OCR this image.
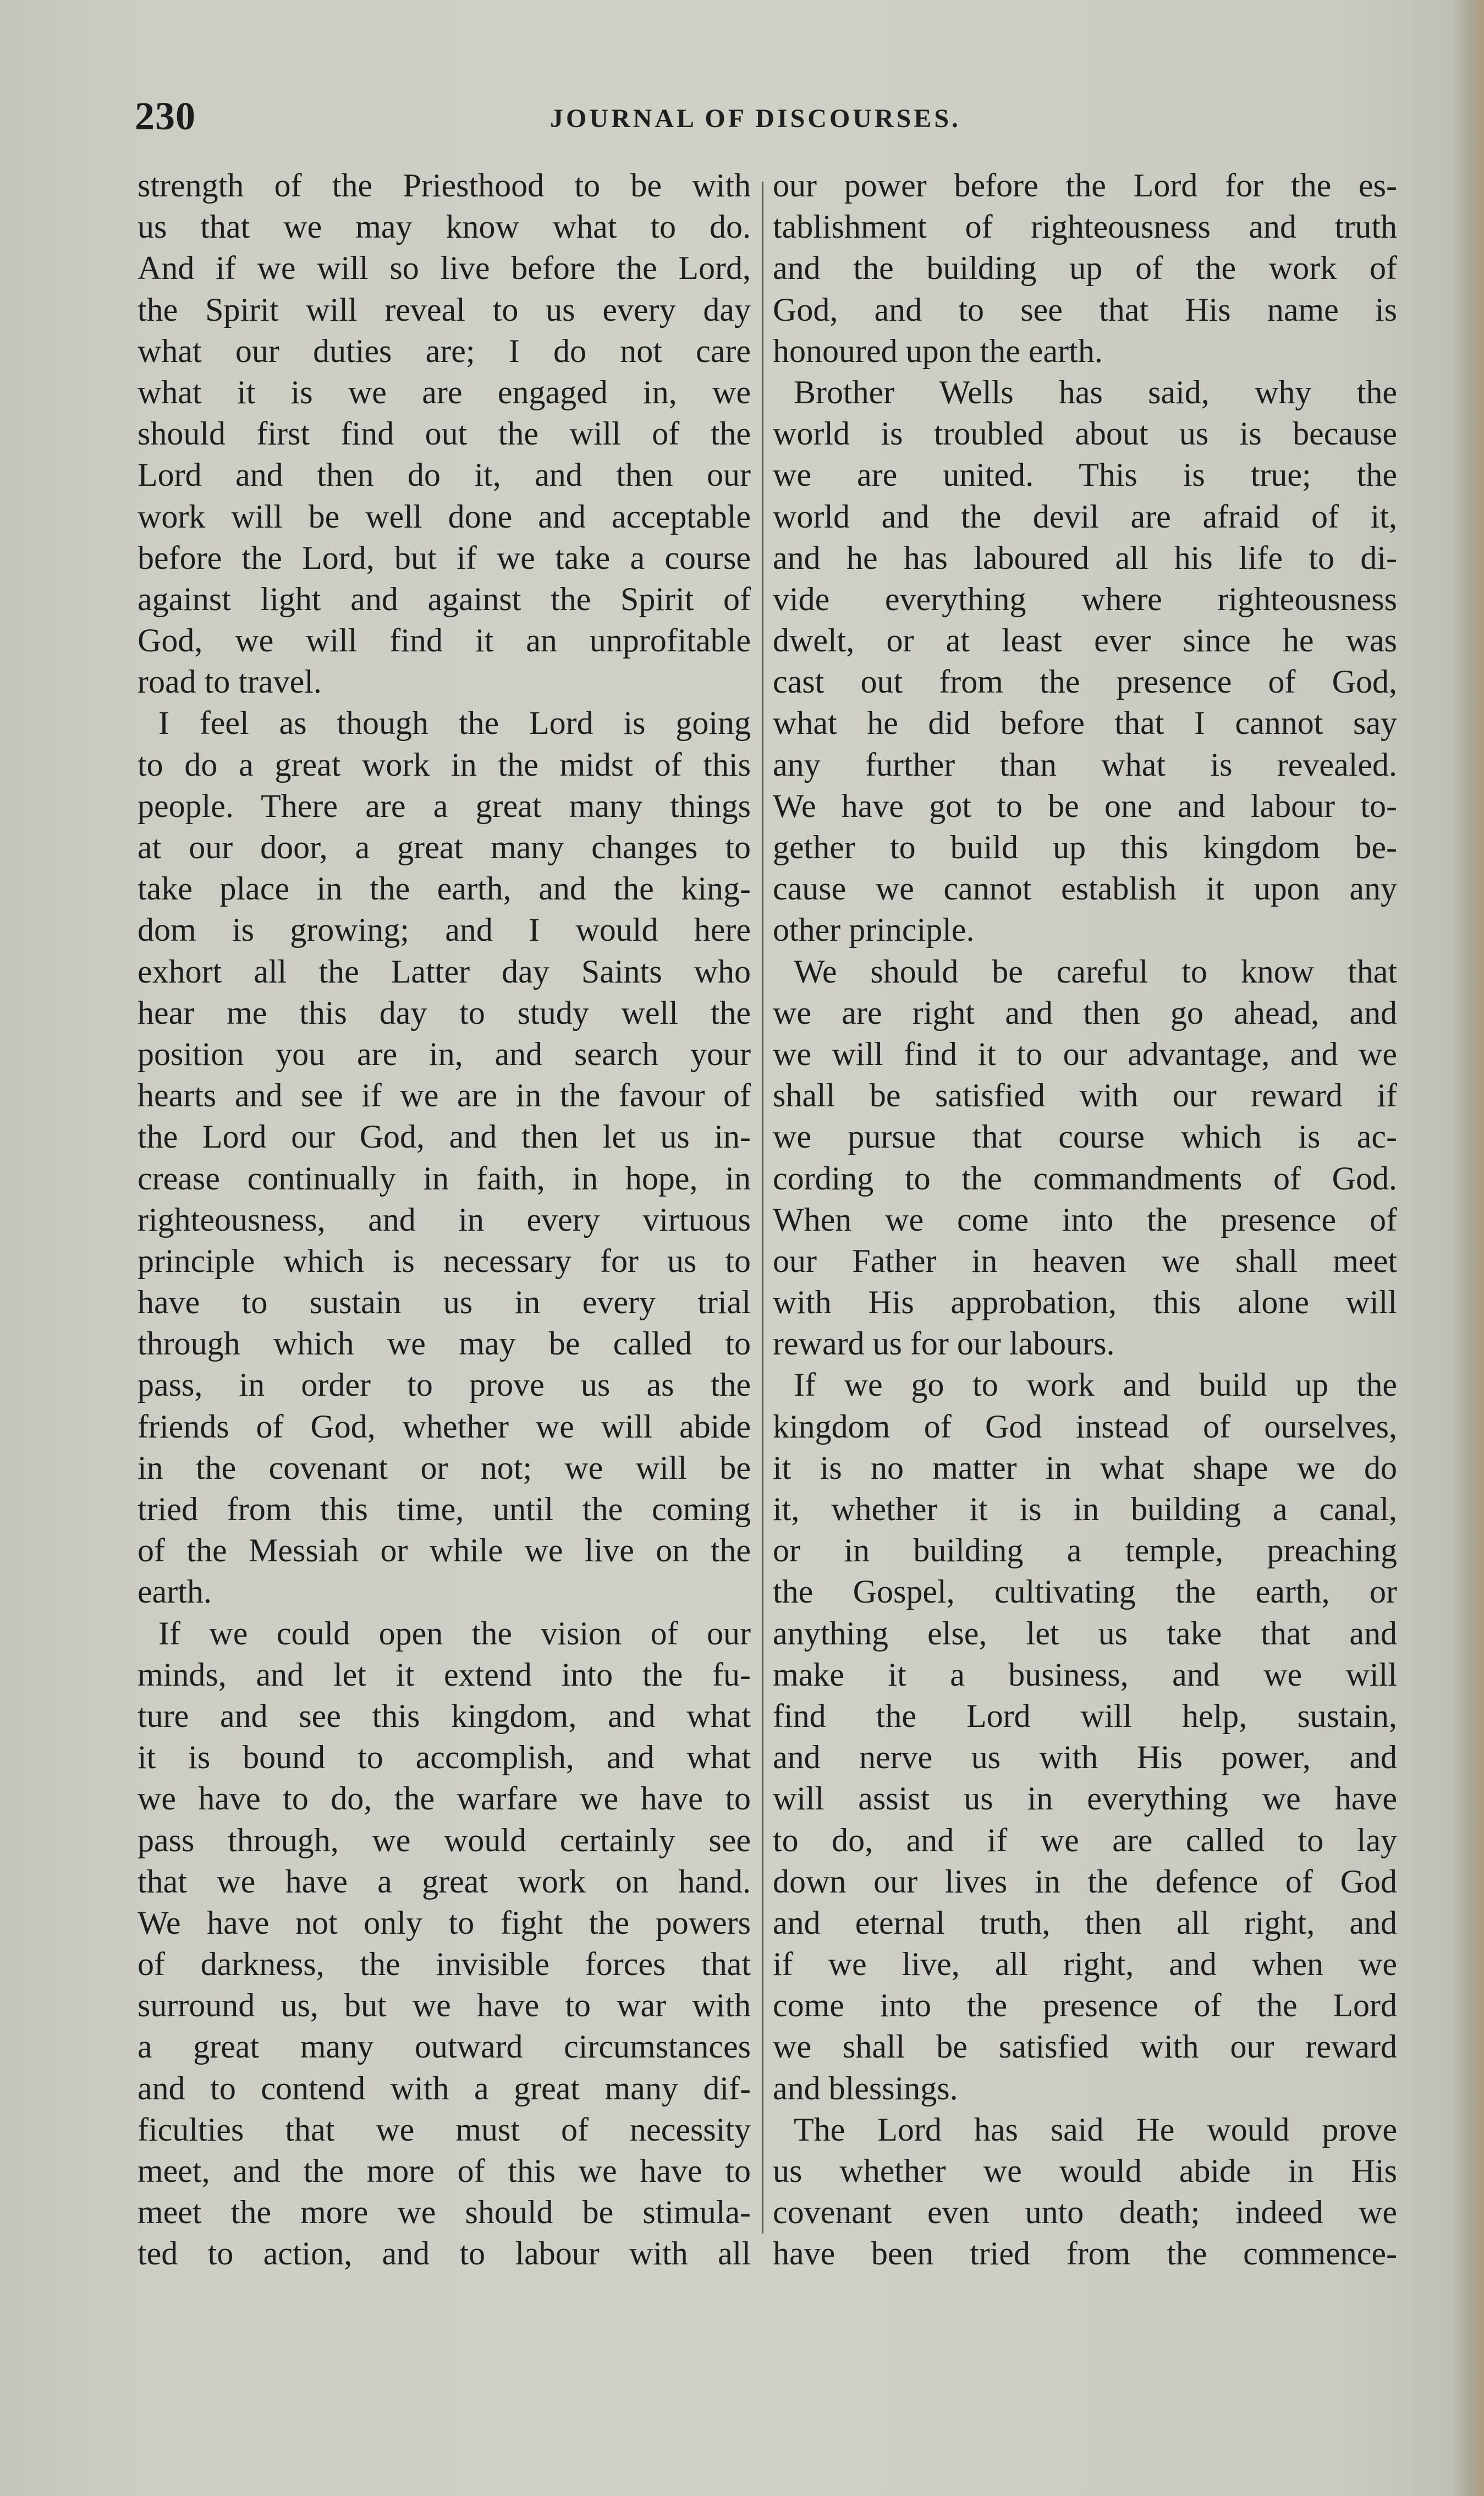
230	JOURNAL OF DISCOURSES.
strength of the Priesthood to be with
us that we may know what to do.
And if we will so live before the Lord,
the Spirit will reveal to us every day
what our duties are; I do not care
what it is we are engaged in, we
should first find out the will of the
Lord and then do it, and then our
work will be well done and acceptable
before the Lord, but if we take a course
against light and against the Spirit of
God, we will find it an unprofitable
road to travel.
I feel as though the Lord is going
to do a great work in the midst of this
people. There are a great many things
at our door, a great many changes to
take place in the earth, and the king-
dom is growing; and I would here
exhort all the Latter day Saints who
hear me this day to study well the
position you are in, and search your
hearts and see if we are in the favour of
the Lord our God, and then let us in-
crease continually in faith, in hope, in
righteousness, and in every virtuous
principle which is necessary for us to
have to sustain us in every trial
through which we may be called to
pass, in order to prove us as the
friends of God, whether we will abide
in the covenant or not; we will be
tried from this time, until the coming
of the Messiah or while we live on the
earth.
If we could open the vision of our
minds, and let it extend into the fu-
ture and see this kingdom, and what
it is bound to accomplish, and what
we have to do, the warfare we have to
pass through, we would certainly see
that we have a great work on hand.
We have not only to fight the powers
of darkness, the invisible forces that
surround us, but we have to war with
a great many outward circumstances
and to contend with a great many dif-
ficulties that we must of necessity
meet, and the more of this we have to
meet the more we should be stimula-
ted to action, and to labour with all
our power before the Lord for the es-
tablishment of righteousness and truth
and the building up of the work of
God, and to see that His name is
honoured upon the earth.
Brother Wells has said, why the
world is troubled about us is because
we are united. This is true; the
world and the devil are afraid of it,
and he has laboured all his life to di-
vide everything where righteousness
dwelt, or at least ever since he was
cast out from the presence of God,
what he did before that I cannot say
any further than what is revealed.
We have got to be one and labour to-
gether to build up this kingdom be-
cause we cannot establish it upon any
other principle.
We should be careful to know that
we are right and then go ahead, and
we will find it to our advantage, and we
shall be satisfied with our reward if
we pursue that course which is ac-
cording to the commandments of God.
When we come into the presence of
our Father in heaven we shall meet
with His approbation, this alone will
reward us for our labours.
If we go to work and build up the
kingdom of God instead of ourselves,
it is no matter in what shape we do
it, whether it is in building a canal,
or in building a temple, preaching
the Gospel, cultivating the earth, or
anything else, let us take that and
make it a business, and we will
find the Lord will help, sustain,
and nerve us with His power, and
will assist us in everything we have
to do, and if we are called to lay
down our lives in the defence of God
and eternal truth, then all right, and
if we live, all right, and when we
come into the presence of the Lord
we shall be satisfied with our reward
and blessings.
The Lord has said He would prove
us whether we would abide in His
covenant even unto death; indeed we
have been tried from the commence-
